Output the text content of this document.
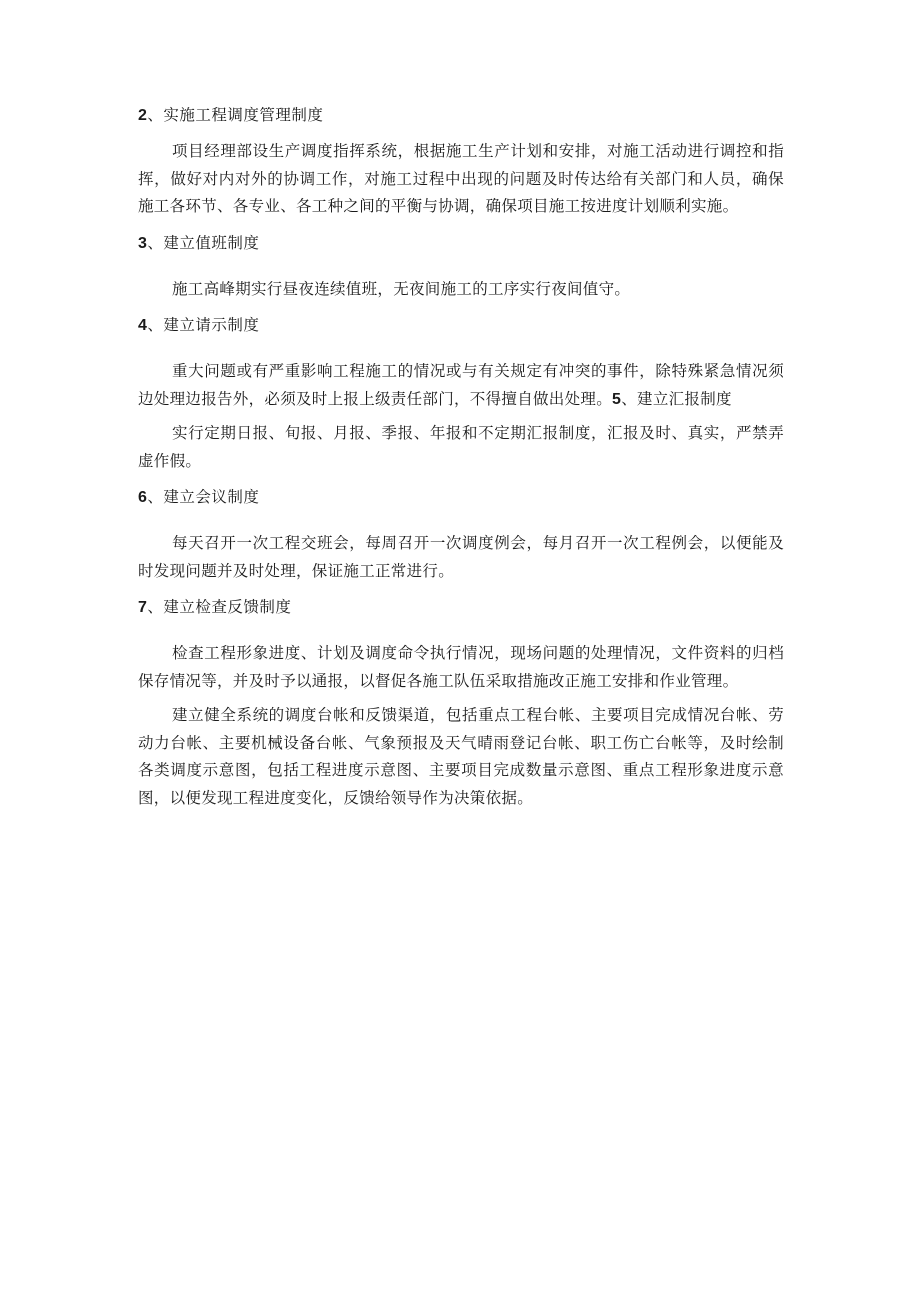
2、实施工程调度管理制度

项目经理部设生产调度指挥系统，根据施工生产计划和安排，对施工活动进行调控和指挥，做好对内对外的协调工作，对施工过程中出现的问题及时传达给有关部门和人员，确保施工各环节、各专业、各工种之间的平衡与协调，确保项目施工按进度计划顺利实施。

3、建立值班制度

施工高峰期实行昼夜连续值班，无夜间施工的工序实行夜间值守。

4、建立请示制度

重大问题或有严重影响工程施工的情况或与有关规定有冲突的事件，除特殊紧急情况须边处理边报告外，必须及时上报上级责任部门，不得擅自做出处理。5、建立汇报制度

实行定期日报、旬报、月报、季报、年报和不定期汇报制度，汇报及时、真实，严禁弄虚作假。

6、建立会议制度

每天召开一次工程交班会，每周召开一次调度例会，每月召开一次工程例会，以便能及时发现问题并及时处理，保证施工正常进行。

7、建立检查反馈制度

检查工程形象进度、计划及调度命令执行情况，现场问题的处理情况，文件资料的归档保存情况等，并及时予以通报，以督促各施工队伍采取措施改正施工安排和作业管理。

建立健全系统的调度台帐和反馈渠道，包括重点工程台帐、主要项目完成情况台帐、劳动力台帐、主要机械设备台帐、气象预报及天气晴雨登记台帐、职工伤亡台帐等，及时绘制各类调度示意图，包括工程进度示意图、主要项目完成数量示意图、重点工程形象进度示意图，以便发现工程进度变化，反馈给领导作为决策依据。
